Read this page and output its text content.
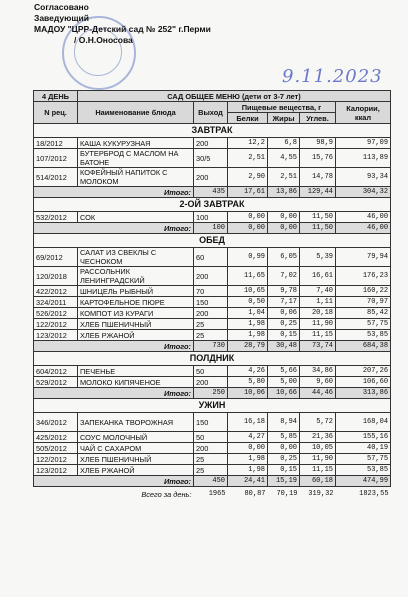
Согласовано
Заведующий
МАДОУ "ЦРР-Детский сад № 252" г.Перми
/ О.Н.Оносова
9.11.2023
4 ДЕНЬ	САД ОБЩЕЕ МЕНЮ (дети от 3-7 лет)					
N рец.	Наименование блюда	Выход	Пищевые вещества, г			Калории, ккал
			Белки	Жиры	Углев.	
ЗАВТРАК						
18/2012	КАША КУКУРУЗНАЯ	200	12,2	6,8	98,9	97,09
107/2012	БУТЕРБРОД С МАСЛОМ НА БАТОНЕ	30/5	2,51	4,55	15,76	113,89
514/2012	КОФЕЙНЫЙ НАПИТОК С МОЛОКОМ	200	2,90	2,51	14,78	93,34
Итого:		435	17,61	13,86	129,44	304,32
2-ОЙ ЗАВТРАК						
532/2012	СОК	100	0,00	0,00	11,50	46,00
Итого:		100	0,00	0,00	11,50	46,00
ОБЕД						
69/2012	САЛАТ ИЗ СВЕКЛЫ С ЧЕСНОКОМ	60	0,99	6,05	5,39	79,94
120/2018	РАССОЛЬНИК ЛЕНИНГРАДСКИЙ	200	11,65	7,02	16,61	176,23
422/2012	ШНИЦЕЛЬ РЫБНЫЙ	70	10,65	9,78	7,40	160,22
324/2011	КАРТОФЕЛЬНОЕ ПЮРЕ	150	0,50	7,17	1,11	70,97
526/2012	КОМПОТ ИЗ КУРАГИ	200	1,04	0,06	20,18	85,42
122/2012	ХЛЕБ ПШЕНИЧНЫЙ	25	1,98	0,25	11,90	57,75
123/2012	ХЛЕБ РЖАНОЙ	25	1,98	0,15	11,15	53,85
Итого:		730	28,79	30,48	73,74	684,38
ПОЛДНИК						
604/2012	ПЕЧЕНЬЕ	50	4,26	5,66	34,86	207,26
529/2012	МОЛОКО КИПЯЧЕНОЕ	200	5,80	5,00	9,60	106,60
Итого:		250	10,06	10,66	44,46	313,86
УЖИН						
346/2012	ЗАПЕКАНКА ТВОРОЖНАЯ	150	16,18	8,94	5,72	168,04
425/2012	СОУС МОЛОЧНЫЙ	50	4,27	5,85	21,36	155,16
505/2012	ЧАЙ С САХАРОМ	200	0,00	0,00	10,05	40,19
122/2012	ХЛЕБ ПШЕНИЧНЫЙ	25	1,98	0,25	11,90	57,75
123/2012	ХЛЕБ РЖАНОЙ	25	1,98	0,15	11,15	53,85
Итого:		450	24,41	15,19	60,18	474,99
Всего за день:		1965	80,87	70,19	319,32	1823,55
